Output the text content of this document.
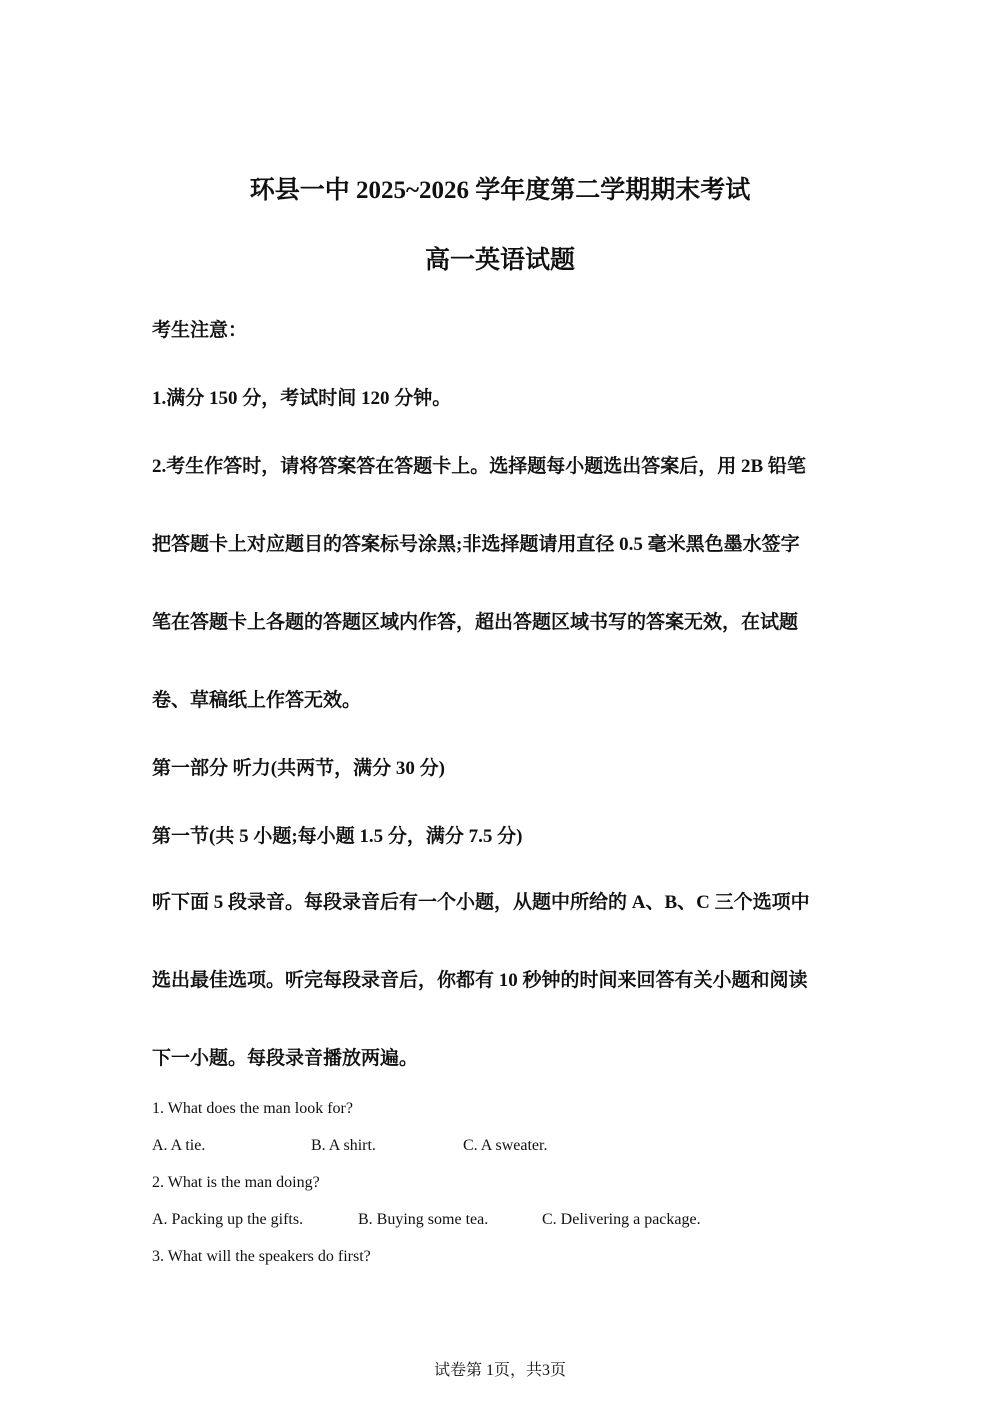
环县一中 2025~2026 学年度第二学期期末考试
高一英语试题
考生注意：
1.满分 150 分，考试时间 120 分钟。
2.考生作答时，请将答案答在答题卡上。选择题每小题选出答案后，用 2B 铅笔
把答题卡上对应题目的答案标号涂黑;非选择题请用直径 0.5 毫米黑色墨水签字
笔在答题卡上各题的答题区域内作答，超出答题区域书写的答案无效，在试题
卷、草稿纸上作答无效。
第一部分 听力(共两节，满分 30 分)
第一节(共 5 小题;每小题 1.5 分，满分 7.5 分)
听下面 5 段录音。每段录音后有一个小题，从题中所给的 A、B、C 三个选项中
选出最佳选项。听完每段录音后，你都有 10 秒钟的时间来回答有关小题和阅读
下一小题。每段录音播放两遍。
1. What does the man look for?
A. A tie.	B. A shirt.	C. A sweater.
2. What is the man doing?
A. Packing up the gifts.	B. Buying some tea.	C. Delivering a package.
3. What will the speakers do first?
试卷第 1页，共3页
